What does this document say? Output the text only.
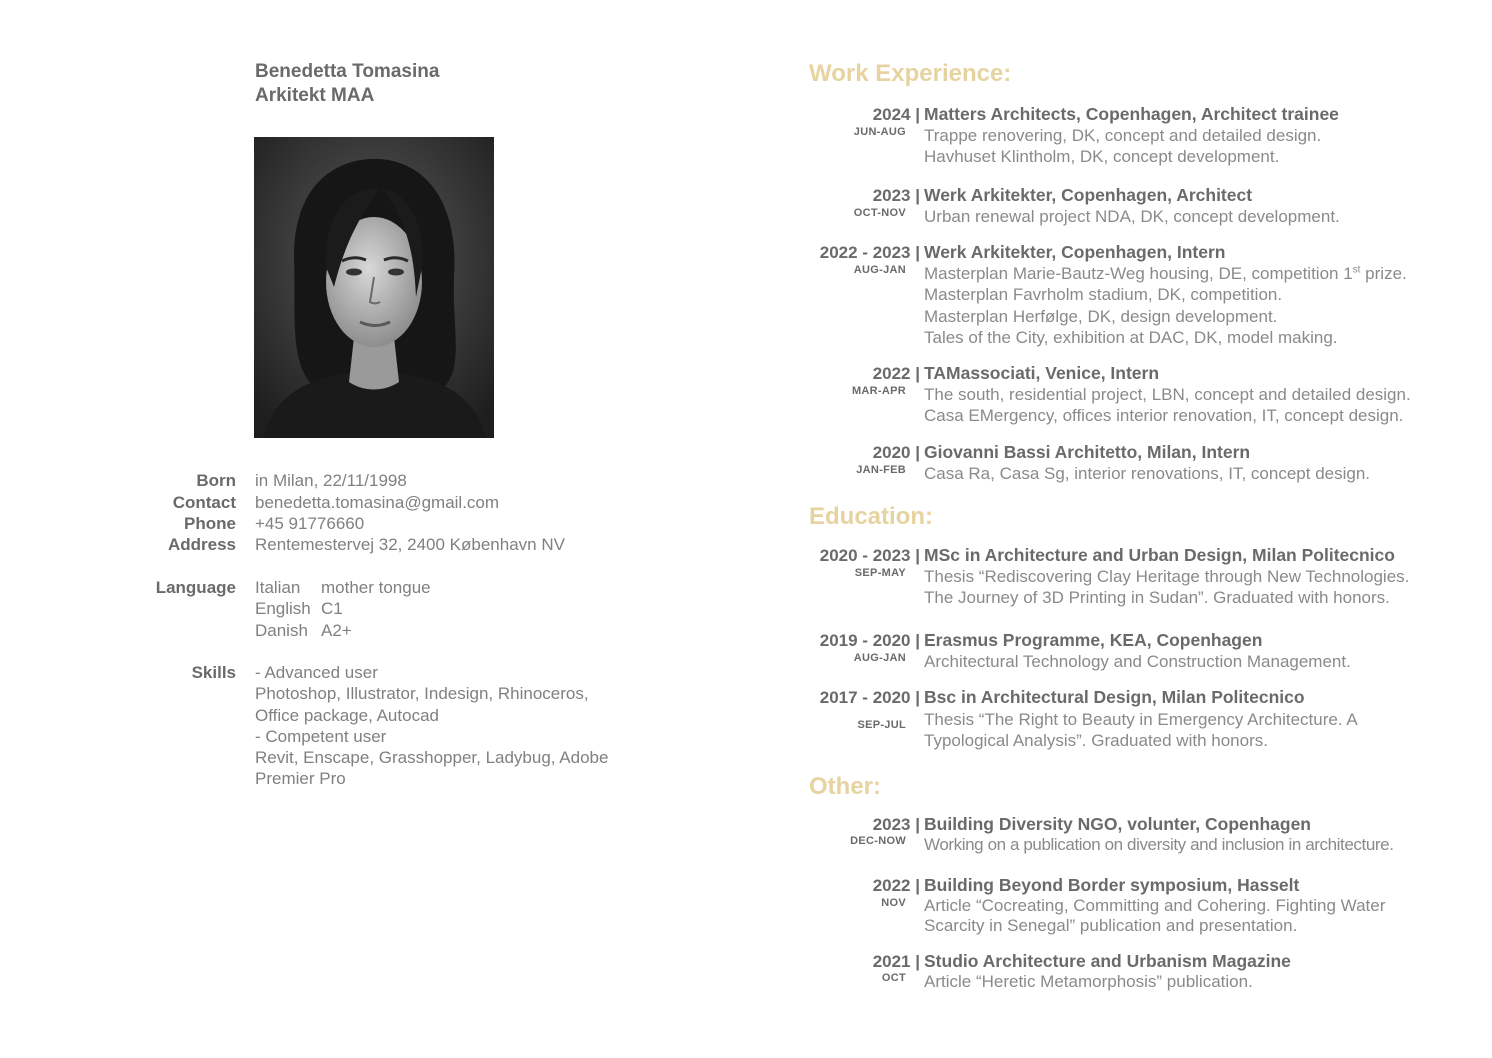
Benedetta Tomasina
Arkitekt MAA
Born in Milan, 22/11/1998
Contact benedetta.tomasina@gmail.com
Phone +45 91776660
Address Rentemestervej 32, 2400 København NV
Language Italian mother tongue
English C1
Danish A2+
Skills - Advanced user
Photoshop, Illustrator, Indesign, Rhinoceros,
Office package, Autocad
- Competent user
Revit, Enscape, Grasshopper, Ladybug, Adobe
Premier Pro
Work Experience:
2024 |
JUN-AUG
Matters Architects, Copenhagen, Architect trainee
Trappe renovering, DK, concept and detailed design.
Havhuset Klintholm, DK, concept development.
2023 |
OCT-NOV
Werk Arkitekter, Copenhagen, Architect
Urban renewal project NDA, DK, concept development.
2022 - 2023 |
AUG-JAN
Werk Arkitekter, Copenhagen, Intern
Masterplan Marie-Bautz-Weg housing, DE, competition 1st prize.
Masterplan Favrholm stadium, DK, competition.
Masterplan Herfølge, DK, design development.
Tales of the City, exhibition at DAC, DK, model making.
2022 |
MAR-APR
TAMassociati, Venice, Intern
The south, residential project, LBN, concept and detailed design.
Casa EMergency, offices interior renovation, IT, concept design.
2020 |
JAN-FEB
Giovanni Bassi Architetto, Milan, Intern
Casa Ra, Casa Sg, interior renovations, IT, concept design.
Education:
2020 - 2023 |
SEP-MAY
MSc in Architecture and Urban Design, Milan Politecnico
Thesis “Rediscovering Clay Heritage through New Technologies.
The Journey of 3D Printing in Sudan”. Graduated with honors.
2019 - 2020 |
AUG-JAN
Erasmus Programme, KEA, Copenhagen
Architectural Technology and Construction Management.
2017 - 2020 |
SEP-JUL
Bsc in Architectural Design, Milan Politecnico
Thesis “The Right to Beauty in Emergency Architecture. A
Typological Analysis”. Graduated with honors.
Other:
2023 |
DEC-NOW
Building Diversity NGO, volunter, Copenhagen
Working on a publication on diversity and inclusion in architecture.
2022 |
NOV
Building Beyond Border symposium, Hasselt
Article “Cocreating, Committing and Cohering. Fighting Water
Scarcity in Senegal” publication and presentation.
2021 |
OCT
Studio Architecture and Urbanism Magazine
Article “Heretic Metamorphosis” publication.
